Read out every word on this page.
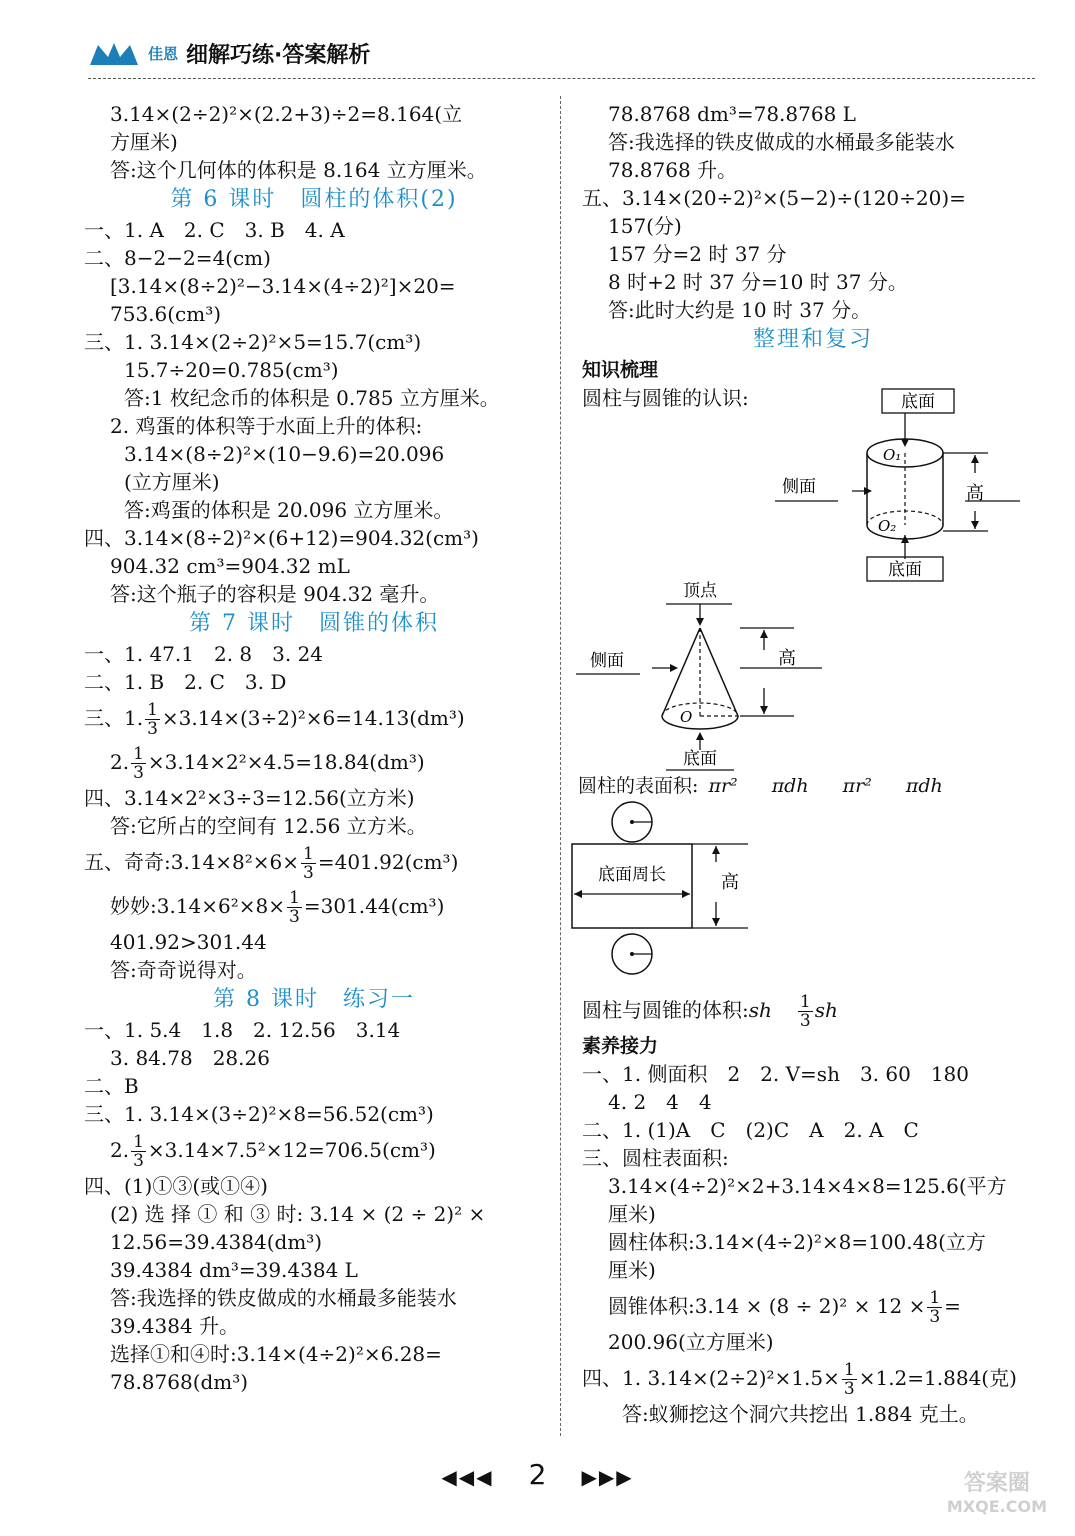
佳恩 细解巧练·答案解析
3.14×(2÷2)²×(2.2+3)÷2=8.164(立
方厘米)
答:这个几何体的体积是 8.164 立方厘米。
第 6 课时　圆柱的体积(2)
一、1. A　2. C　3. B　4. A
二、8−2−2=4(cm)
[3.14×(8÷2)²−3.14×(4÷2)²]×20=
753.6(cm³)
三、1. 3.14×(2÷2)²×5=15.7(cm³)
15.7÷20=0.785(cm³)
答:1 枚纪念币的体积是 0.785 立方厘米。
2. 鸡蛋的体积等于水面上升的体积:
3.14×(8÷2)²×(10−9.6)=20.096
(立方厘米)
答:鸡蛋的体积是 20.096 立方厘米。
四、3.14×(8÷2)²×(6+12)=904.32(cm³)
904.32 cm³=904.32 mL
答:这个瓶子的容积是 904.32 毫升。
第 7 课时　圆锥的体积
一、1. 47.1　2. 8　3. 24
二、1. B　2. C　3. D
三、1. $\frac{1}{3} \times 3.14\times(3\div 2)^2\times 6=14.13(dm^3)$
2. $\frac{1}{3} \times 3.14\times 2^2\times 4.5=18.84(dm^3)$
四、3.14×2²×3÷3=12.56(立方米)
答:它所占的空间有 12.56 立方米。
五、奇奇:3.14×8²×6× $\frac{1}{3} =401.92(cm^3)$
妙妙:3.14×6²×8× $\frac{1}{3} =301.44(cm^3)$
401.92>301.44
答:奇奇说得对。
第 8 课时　练习一
一、1. 5.4　1.8　2. 12.56　3.14
3. 84.78　28.26
二、B
三、1. 3.14×(3÷2)²×8=56.52(cm³)
2. $\frac{1}{3} \times 3.14\times 7.5^2\times 12=706.5(cm^3)$
四、(1)①③(或①④)
(2) 选 择 ① 和 ③ 时: 3.14 × (2 ÷ 2)² ×
12.56=39.4384(dm³)
39.4384 dm³=39.4384 L
答:我选择的铁皮做成的水桶最多能装水
39.4384 升。
选择①和④时:3.14×(4÷2)²×6.28=
78.8768(dm³)
78.8768 dm³=78.8768 L
答:我选择的铁皮做成的水桶最多能装水
78.8768 升。
五、3.14×(20÷2)²×(5−2)÷(120÷20)=
157(分)
157 分=2 时 37 分
8 时+2 时 37 分=10 时 37 分。
答:此时大约是 10 时 37 分。
整理和复习
知识梳理
圆柱与圆锥的认识:	底面
O₁
O₂
侧面	高
底面
顶点
O
侧面	高
底面
圆柱的表面积: πr² πdh πr² πdh
底面周长	高
圆柱与圆锥的体积:sh $\frac{1}{3}$ sh
素养接力
一、1. 侧面积　2　2. V=sh　3. 60　180
4. 2　4　4
二、1. (1)A　C　(2)C　A　2. A　C
三、圆柱表面积:
3.14×(4÷2)²×2+3.14×4×8=125.6(平方
厘米)
圆柱体积:3.14×(4÷2)²×8=100.48(立方
厘米)
圆锥体积:3.14 × $(8 \div 2)^2 \times 12 \times \frac{1}{3}$ =
200.96(立方厘米)
四、1. $3.14\times(2\div 2)^2\times 1.5\times \frac{1}{3} \times 1.2=1.884$(克)
答:蚁狮挖这个洞穴共挖出 1.884 克土。
◀◀◀ 2 ▶▶▶	答案圈
MXQE.COM
